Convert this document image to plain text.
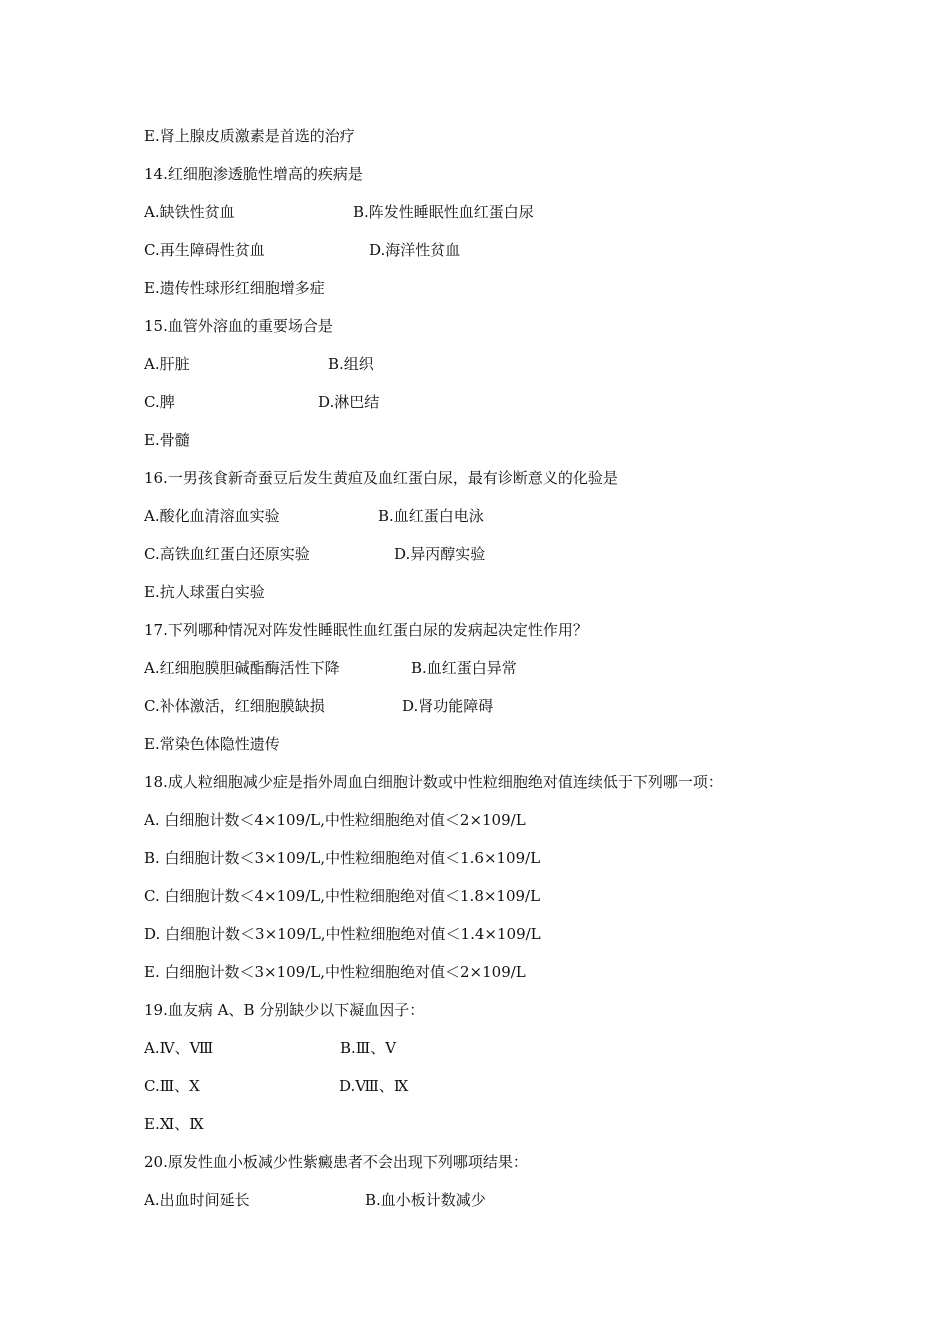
E.肾上腺皮质激素是首选的治疗
14.红细胞渗透脆性增高的疾病是
A.缺铁性贫血	B.阵发性睡眠性血红蛋白尿
C.再生障碍性贫血	D.海洋性贫血
E.遗传性球形红细胞增多症
15.血管外溶血的重要场合是
A.肝脏	B.组织
C.脾	D.淋巴结
E.骨髓
16.一男孩食新奇蚕豆后发生黄疸及血红蛋白尿，最有诊断意义的化验是
A.酸化血清溶血实验	B.血红蛋白电泳
C.高铁血红蛋白还原实验	D.异丙醇实验
E.抗人球蛋白实验
17.下列哪种情况对阵发性睡眠性血红蛋白尿的发病起决定性作用？
A.红细胞膜胆碱酯酶活性下降	B.血红蛋白异常
C.补体激活，红细胞膜缺损	D.肾功能障碍
E.常染色体隐性遗传
18.成人粒细胞减少症是指外周血白细胞计数或中性粒细胞绝对值连续低于下列哪一项：
A. 白细胞计数＜4×109/L,中性粒细胞绝对值＜2×109/L
B. 白细胞计数＜3×109/L,中性粒细胞绝对值＜1.6×109/L
C. 白细胞计数＜4×109/L,中性粒细胞绝对值＜1.8×109/L
D. 白细胞计数＜3×109/L,中性粒细胞绝对值＜1.4×109/L
E. 白细胞计数＜3×109/L,中性粒细胞绝对值＜2×109/L
19.血友病 A、B 分别缺少以下凝血因子：
A.Ⅳ、Ⅷ	B.Ⅲ、Ⅴ
C.Ⅲ、Ⅹ	D.Ⅷ、Ⅸ
E.Ⅺ、Ⅸ
20.原发性血小板减少性紫癜患者不会出现下列哪项结果：
A.出血时间延长	B.血小板计数减少
